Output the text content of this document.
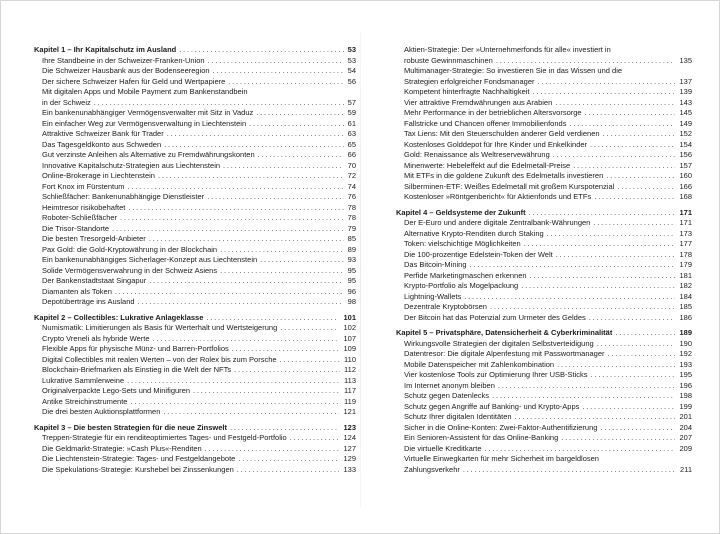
Kapitel 1 – Ihr Kapitalschutz im Ausland .....	53
Ihre Standbeine in der Schweizer-Franken-Union .....	53
Die Schweizer Hausbank aus der Bodenseeregion .....	54
Der sichere Schweizer Hafen für Geld und Wertpapiere .....	56
Mit digitalen Apps und Mobile Payment zum Bankenstandbein
in der Schweiz .....	57
Ein bankenunabhängiger Vermögensverwalter mit Sitz in Vaduz .....	59
Ein einfacher Weg zur Vermögensverwaltung in Liechtenstein .....	61
Attraktive Schweizer Bank für Trader .....	63
Das Tagesgeldkonto aus Schweden .....	65
Gut verzinste Anleihen als Alternative zu Fremdwährungskonten .....	66
Innovative Kapitalschutz-Strategien aus Liechtenstein .....	70
Online-Brokerage in Liechtenstein .....	72
Fort Knox im Fürstentum .....	74
Schließfächer: Bankenunabhängige Dienstleister .....	76
Heimtresor risikobehaftet .....	78
Roboter-Schließfächer .....	78
Die Trisor-Standorte .....	79
Die besten Tresorgeld-Anbieter .....	85
Pax Gold: die Gold-Kryptowährung in der Blockchain .....	89
Ein bankenunabhängiges Sicherlager-Konzept aus Liechtenstein .....	93
Solide Vermögensverwahrung in der Schweiz Asiens .....	95
Der Bankenstadtstaat Singapur .....	95
Diamanten als Token .....	96
Depotüberträge ins Ausland .....	98
Kapitel 2 – Collectibles: Lukrative Anlageklasse .....	101
Numismatik: Limitierungen als Basis für Werterhalt und Wertsteigerung .....	102
Crypto Vreneli als hybride Werte .....	107
Flexible Apps für physische Münz- und Barren-Portfolios .....	109
Digital Collectibles mit realen Werten – von der Rolex bis zum Porsche .....	110
Blockchain-Briefmarken als Einstieg in die Welt der NFTs .....	112
Lukrative Sammlerweine .....	113
Originalverpackte Lego-Sets und Minifiguren .....	117
Antike Streichinstrumente .....	119
Die drei besten Auktionsplattformen .....	121
Kapitel 3 – Die besten Strategien für die neue Zinswelt .....	123
Treppen-Strategie für ein renditeoptimiertes Tages- und Festgeld-Portfolio .....	124
Die Geldmarkt-Strategie: »Cash Plus«-Renditen .....	127
Die Liechtenstein-Strategie: Tages- und Festgeldangebote .....	129
Die Spekulations-Strategie: Kurshebel bei Zinssenkungen .....	133
Aktien-Strategie: Der »Unternehmerfonds für alle« investiert in
robuste Gewinnmaschinen .....	135
Multimanager-Strategie: So investieren Sie in das Wissen und die
Strategien erfolgreicher Fondsmanager .....	137
Kompetent hinterfragte Nachhaltigkeit .....	139
Vier attraktive Fremdwährungen aus Arabien .....	143
Mehr Performance in der betrieblichen Altersvorsorge .....	145
Fallstricke und Chancen offener Immobilienfonds .....	149
Tax Liens: Mit den Steuerschulden anderer Geld verdienen .....	152
Kostenloses Golddepot für Ihre Kinder und Enkelkinder .....	154
Gold: Renaissance als Weltreservewährung .....	156
Minenwerte: Hebeleffekt auf die Edelmetall-Preise .....	157
Mit ETFs in die goldene Zukunft des Edelmetalls investieren .....	160
Silberminen-ETF: Weißes Edelmetall mit großem Kurspotenzial .....	166
Kostenloser »Röntgenbericht« für Aktienfonds und ETFs .....	168
Kapitel 4 – Geldsysteme der Zukunft .....	171
Der E-Euro und andere digitale Zentralbank-Währungen .....	171
Alternative Krypto-Renditen durch Staking .....	173
Token: vielschichtige Möglichkeiten .....	177
Die 100-prozentige Edelstein-Token der Welt .....	178
Das Bitcoin-Mining .....	179
Perfide Marketingmaschen erkennen .....	181
Krypto-Portfolio als Mogelpackung .....	182
Lightning-Wallets .....	184
Dezentrale Kryptobörsen .....	185
Der Bitcoin hat das Potenzial zum Urmeter des Geldes .....	186
Kapitel 5 – Privatsphäre, Datensicherheit & Cyberkriminalität .....	189
Wirkungsvolle Strategien der digitalen Selbstverteidigung .....	190
Datentresor: Die digitale Alpenfestung mit Passwortmanager .....	192
Mobile Datenspeicher mit Zahlenkombination .....	193
Vier kostenlose Tools zur Optimierung Ihrer USB-Sticks .....	195
Im Internet anonym bleiben .....	196
Schutz gegen Datenlecks .....	198
Schutz gegen Angriffe auf Banking- und Krypto-Apps .....	199
Schutz Ihrer digitalen Identitäten .....	201
Sicher in die Online-Konten: Zwei-Faktor-Authentifizierung .....	204
Ein Senioren-Assistent für das Online-Banking .....	207
Die virtuelle Kreditkarte .....	209
Virtuelle Einwegkarten für mehr Sicherheit im bargeldlosen
Zahlungsverkehr .....	211
